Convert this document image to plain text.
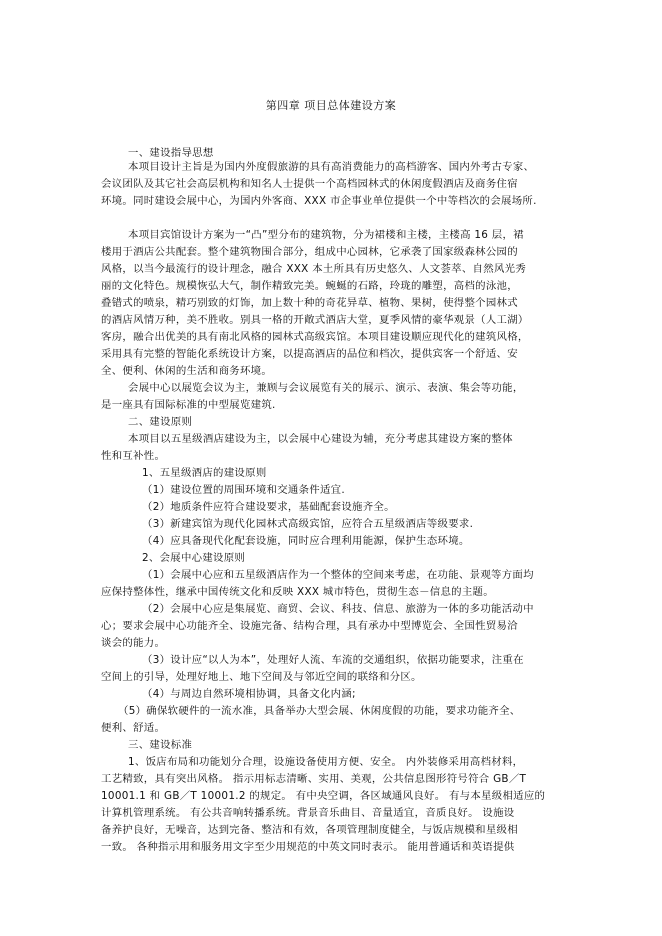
第四章 项目总体建设方案
一、建设指导思想
本项目设计主旨是为国内外度假旅游的具有高消费能力的高档游客、国内外考古专家、
会议团队及其它社会高层机构和知名人士提供一个高档园林式的休闲度假酒店及商务住宿
环境。同时建设会展中心，为国内外客商、XXX 市企事业单位提供一个中等档次的会展场所.
本项目宾馆设计方案为一“凸”型分布的建筑物，分为裙楼和主楼，主楼高 16 层，裙
楼用于酒店公共配套。整个建筑物围合部分，组成中心园林，它承袭了国家级森林公园的
风格，以当今最流行的设计理念，融合 XXX 本土所具有历史悠久、人文荟萃、自然风光秀
丽的文化特色。规模恢弘大气，制作精致完美。蜿蜒的石路，玲珑的雕塑，高档的泳池，
叠错式的喷泉，精巧别致的灯饰，加上数十种的奇花异草、植物、果树，使得整个园林式
的酒店风情万种，美不胜收。别具一格的开敞式酒店大堂，夏季风情的豪华观景（人工湖）
客房，融合出优美的具有南北风格的园林式高级宾馆。本项目建设顺应现代化的建筑风格，
采用具有完整的智能化系统设计方案，以提高酒店的品位和档次，提供宾客一个舒适、安
全、便利、休闲的生活和商务环境。
会展中心以展览会议为主，兼顾与会议展览有关的展示、演示、表演、集会等功能，
是一座具有国际标准的中型展览建筑.
二、建设原则
本项目以五星级酒店建设为主，以会展中心建设为辅，充分考虑其建设方案的整体
性和互补性。
1、五星级酒店的建设原则
（1）建设位置的周围环境和交通条件适宜.
（2）地质条件应符合建设要求，基础配套设施齐全。
（3）新建宾馆为现代化园林式高级宾馆，应符合五星级酒店等级要求.
（4）应具备现代化配套设施，同时应合理利用能源，保护生态环境。
2、会展中心建设原则
（1）会展中心应和五星级酒店作为一个整体的空间来考虑，在功能、景观等方面均
应保持整体性，继承中国传统文化和反映 XXX 城市特色，贯彻生态－信息的主题。
（2）会展中心应是集展览、商贸、会议、科技、信息、旅游为一体的多功能活动中
心；要求会展中心功能齐全、设施完备、结构合理，具有承办中型博览会、全国性贸易洽
谈会的能力。
（3）设计应“以人为本”，处理好人流、车流的交通组织，依据功能要求，注重在
空间上的引导，处理好地上、地下空间及与邻近空间的联络和分区。
（4）与周边自然环境相协调，具备文化内涵;
（5）确保软硬件的一流水准，具备举办大型会展、休闲度假的功能，要求功能齐全、
便利、舒适。
三、建设标准
1、饭店布局和功能划分合理，设施设备使用方便、安全。 内外装修采用高档材料，
工艺精致，具有突出风格。 指示用标志清晰、实用、美观，公共信息图形符号符合 GB／T
10001.1 和 GB／T 10001.2 的规定。 有中央空调，各区域通风良好。 有与本星级相适应的
计算机管理系统。 有公共音响转播系统。背景音乐曲目、音量适宜，音质良好。 设施设
备养护良好，无噪音，达到完备、整洁和有效，各项管理制度健全，与饭店规模和星级相
一致。 各种指示用和服务用文字至少用规范的中英文同时表示。 能用普通话和英语提供
